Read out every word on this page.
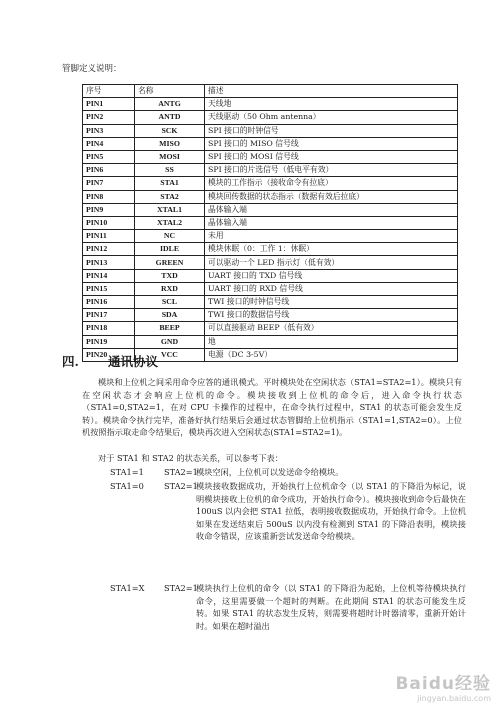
管脚定义说明：
序号	名称	描述
PIN1	ANTG	天线地
PIN2	ANTD	天线驱动（50 Ohm antenna）
PIN3	SCK	SPI 接口的时钟信号
PIN4	MISO	SPI 接口的 MISO 信号线
PIN5	MOSI	SPI 接口的 MOSI 信号线
PIN6	SS	SPI 接口的片选信号（低电平有效）
PIN7	STA1	模块的工作指示（接收命令有拉底）
PIN8	STA2	模块回传数据的状态指示（数据有效后拉底）
PIN9	XTAL1	晶体输入端
PIN10	XTAL2	晶体输入端
PIN11	NC	未用
PIN12	IDLE	模块休眠（0：工作 1：休眠）
PIN13	GREEN	可以驱动一个 LED 指示灯（低有效）
PIN14	TXD	UART 接口的 TXD 信号线
PIN15	RXD	UART 接口的 RXD 信号线
PIN16	SCL	TWI 接口的时钟信号线
PIN17	SDA	TWI 接口的数据信号线
PIN18	BEEP	可以直接驱动 BEEP（低有效）
PIN19	GND	地
PIN20	VCC	电源（DC 3-5V）
四. 通讯协议
模块和上位机之间采用命令应答的通讯模式。平时模块处在空闲状态（STA1=STA2=1）。模块只有在空闲状态才会响应上位机的命令。模块接收到上位机的命令后，进入命令执行状态（STA1=0,STA2=1，在对 CPU 卡操作的过程中，在命令执行过程中，STA1 的状态可能会发生反转）。模块命令执行完毕，准备好执行结果后会通过状态管脚给上位机指示（STA1=1,STA2=0）。上位机按照指示取走命令结果后，模块再次进入空闲状态(STA1=STA2=1)。
对于 STA1 和 STA2 的状态关系，可以参考下表：
STA1=1 STA2=1
模块空闲，上位机可以发送命令给模块。
STA1=0 STA2=1
模块接收数据成功，开始执行上位机命令（以 STA1 的下降沿为标记，说明模块接收上位机的命令成功，开始执行命令）。模块接收到命令后最快在 100uS 以内会把 STA1 拉低，表明接收数据成功，开始执行命令。上位机如果在发送结束后 500uS 以内没有检测到 STA1 的下降沿表明，模块接收命令错误，应该重新尝试发送命令给模块。
STA1=X STA2=1
模块执行上位机的命令（以 STA1 的下降沿为起始，上位机等待模块执行命令，这里需要做一个超时的判断。在此期间 STA1 的状态可能发生反转。如果 STA1 的状态发生反转，则需要将超时计时器清零，重新开始计时。如果在超时溢出
Baidu经验
jingyan.baidu.com
